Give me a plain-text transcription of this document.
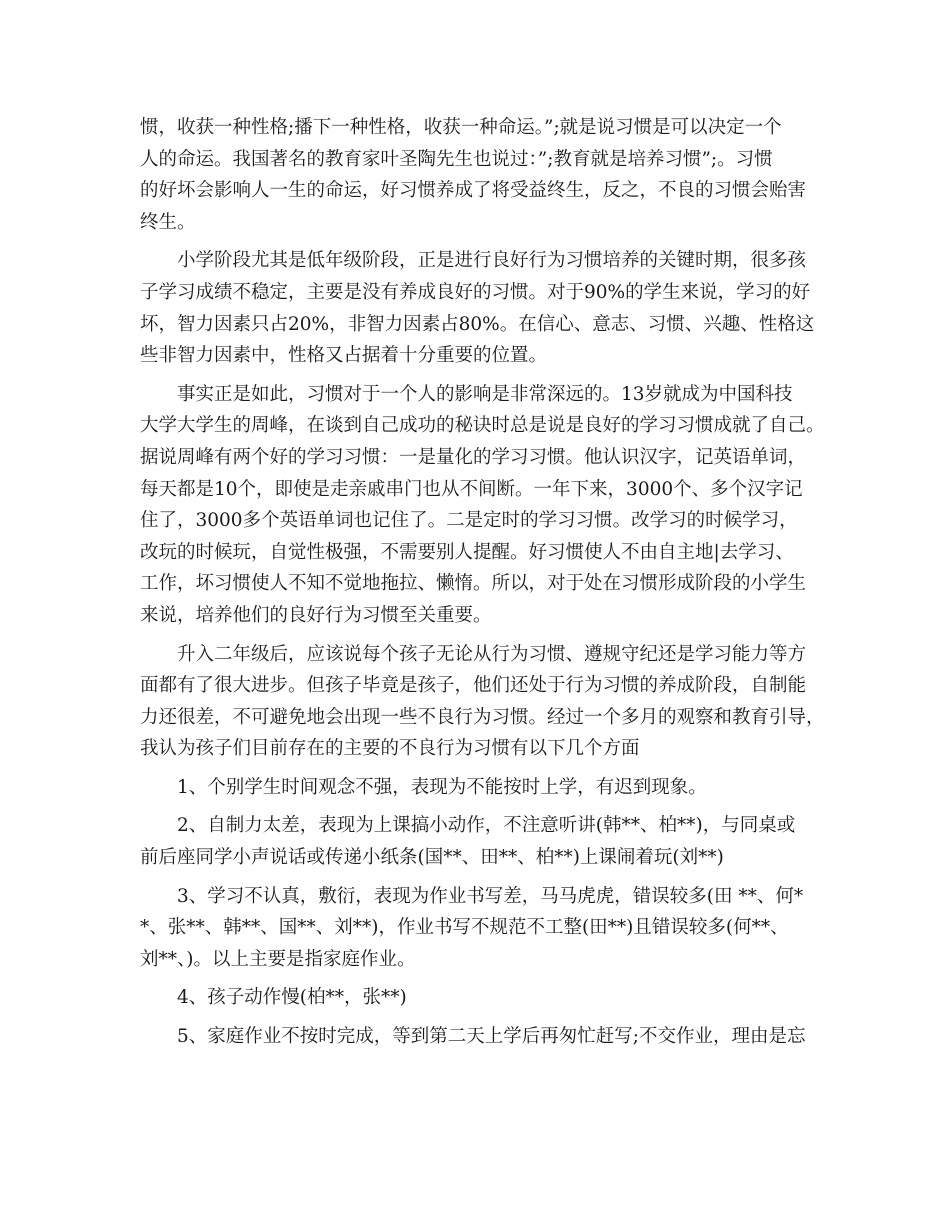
惯，收获一种性格;播下一种性格，收获一种命运。”;就是说习惯是可以决定一个
人的命运。我国著名的教育家叶圣陶先生也说过：”;教育就是培养习惯”;。习惯
的好坏会影响人一生的命运，好习惯养成了将受益终生，反之，不良的习惯会贻害
终生。
　　小学阶段尤其是低年级阶段，正是进行良好行为习惯培养的关键时期，很多孩
子学习成绩不稳定，主要是没有养成良好的习惯。对于90%的学生来说，学习的好
坏，智力因素只占20%，非智力因素占80%。在信心、意志、习惯、兴趣、性格这
些非智力因素中，性格又占据着十分重要的位置。
　　事实正是如此，习惯对于一个人的影响是非常深远的。13岁就成为中国科技
大学大学生的周峰，在谈到自己成功的秘诀时总是说是良好的学习习惯成就了自己。
据说周峰有两个好的学习习惯：一是量化的学习习惯。他认识汉字，记英语单词，
每天都是10个，即使是走亲戚串门也从不间断。一年下来，3000个、多个汉字记
住了，3000多个英语单词也记住了。二是定时的学习习惯。改学习的时候学习，
改玩的时候玩，自觉性极强，不需要别人提醒。好习惯使人不由自主地|去学习、
工作，坏习惯使人不知不觉地拖拉、懒惰。所以，对于处在习惯形成阶段的小学生
来说，培养他们的良好行为习惯至关重要。
　　升入二年级后，应该说每个孩子无论从行为习惯、遵规守纪还是学习能力等方
面都有了很大进步。但孩子毕竟是孩子，他们还处于行为习惯的养成阶段，自制能
力还很差，不可避免地会出现一些不良行为习惯。经过一个多月的观察和教育引导，
我认为孩子们目前存在的主要的不良行为习惯有以下几个方面
　　1、个别学生时间观念不强，表现为不能按时上学，有迟到现象。
　　2、自制力太差，表现为上课搞小动作，不注意听讲(韩**、柏**)，与同桌或
前后座同学小声说话或传递小纸条(国**、田**、柏**)上课闹着玩(刘**)
　　3、学习不认真，敷衍，表现为作业书写差，马马虎虎，错误较多(田 **、何*
*、张**、韩**、国**、刘**)，作业书写不规范不工整(田**)且错误较多(何**、
刘**、)。以上主要是指家庭作业。
　　4、孩子动作慢(柏**，张**)
　　5、家庭作业不按时完成，等到第二天上学后再匆忙赶写;不交作业，理由是忘
